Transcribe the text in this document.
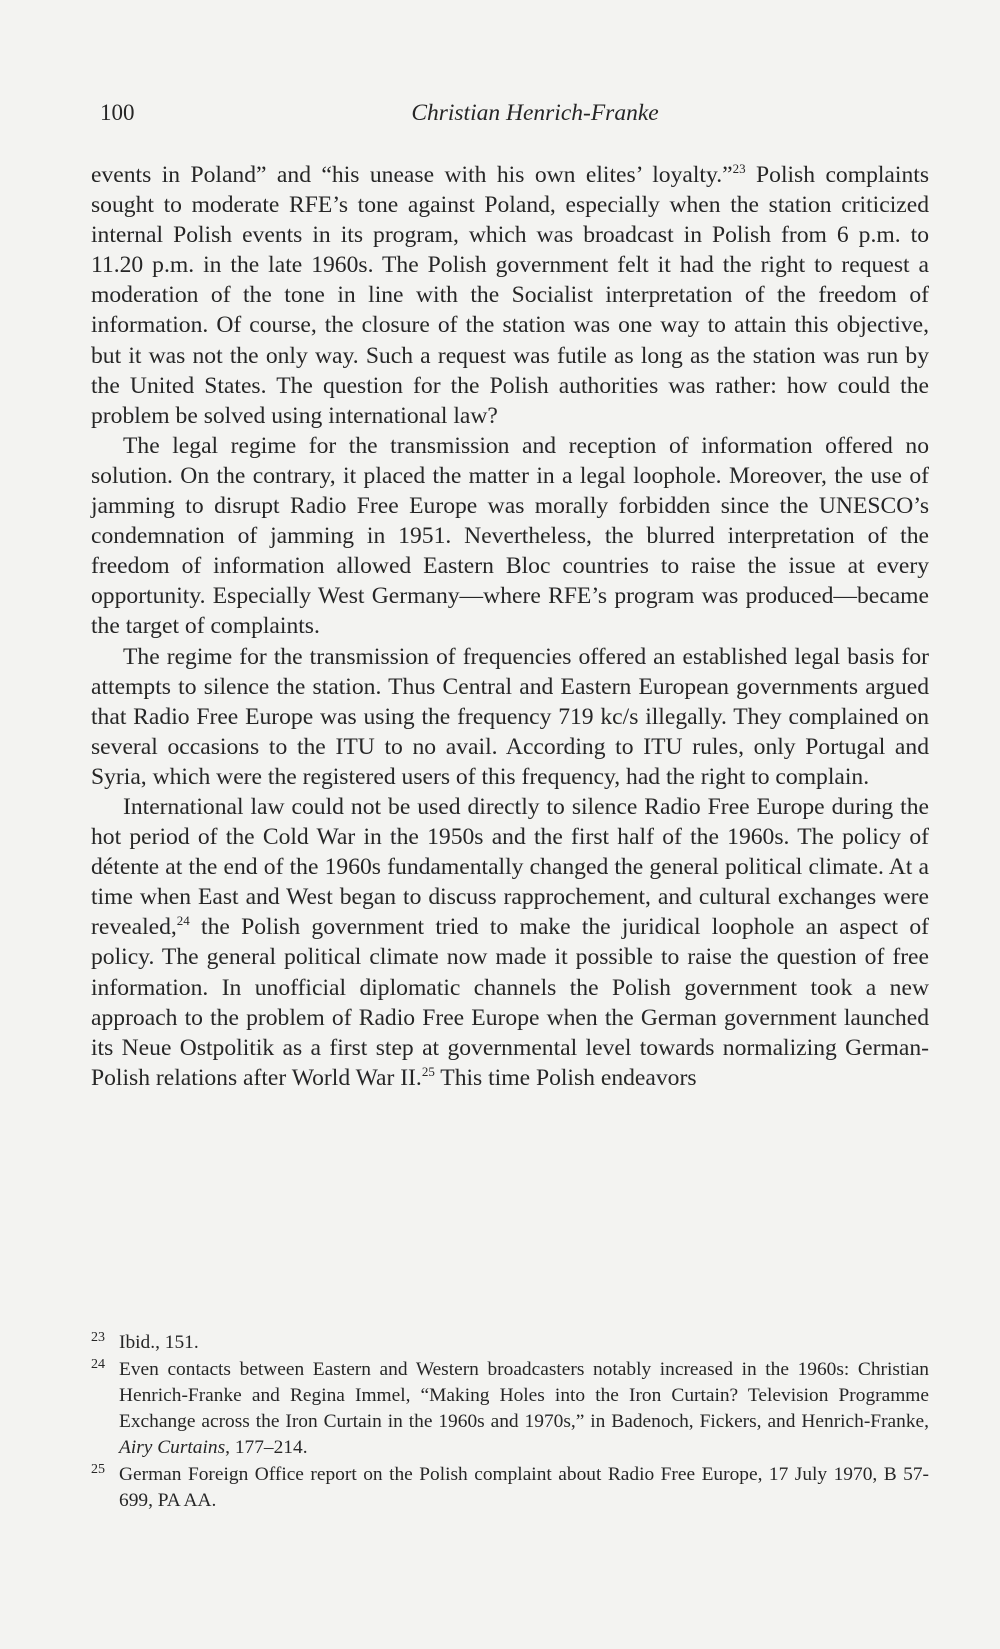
100	Christian Henrich-Franke

events in Poland” and “his unease with his own elites’ loyalty.”$^{23}$ Polish complaints sought to moderate RFE’s tone against Poland, especially when the station criticized internal Polish events in its program, which was broadcast in Polish from 6 p.m. to 11.20 p.m. in the late 1960s. The Polish government felt it had the right to request a moderation of the tone in line with the Socialist interpretation of the freedom of information. Of course, the closure of the station was one way to attain this objective, but it was not the only way. Such a request was futile as long as the station was run by the United States. The question for the Polish authorities was rather: how could the problem be solved using international law?

The legal regime for the transmission and reception of information offered no solution. On the contrary, it placed the matter in a legal loophole. Moreover, the use of jamming to disrupt Radio Free Europe was morally forbidden since the UNESCO’s condemnation of jamming in 1951. Nevertheless, the blurred interpretation of the freedom of information allowed Eastern Bloc countries to raise the issue at every opportunity. Especially West Germany—where RFE’s program was produced—became the target of complaints.

The regime for the transmission of frequencies offered an established legal basis for attempts to silence the station. Thus Central and Eastern European governments argued that Radio Free Europe was using the frequency 719 kc/s illegally. They complained on several occasions to the ITU to no avail. According to ITU rules, only Portugal and Syria, which were the registered users of this frequency, had the right to complain.

International law could not be used directly to silence Radio Free Europe during the hot period of the Cold War in the 1950s and the first half of the 1960s. The policy of détente at the end of the 1960s fundamentally changed the general political climate. At a time when East and West began to discuss rapprochement, and cultural exchanges were revealed,$^{24}$ the Polish government tried to make the juridical loophole an aspect of policy. The general political climate now made it possible to raise the question of free information. In unofficial diplomatic channels the Polish government took a new approach to the problem of Radio Free Europe when the German government launched its Neue Ostpolitik as a first step at governmental level towards normalizing German-Polish relations after World War II.$^{25}$ This time Polish endeavors

23 Ibid., 151.
24 Even contacts between Eastern and Western broadcasters notably increased in the 1960s: Christian Henrich-Franke and Regina Immel, “Making Holes into the Iron Curtain? Television Programme Exchange across the Iron Curtain in the 1960s and 1970s,” in Badenoch, Fickers, and Henrich-Franke, Airy Curtains, 177–214.
25 German Foreign Office report on the Polish complaint about Radio Free Europe, 17 July 1970, B 57-699, PA AA.
